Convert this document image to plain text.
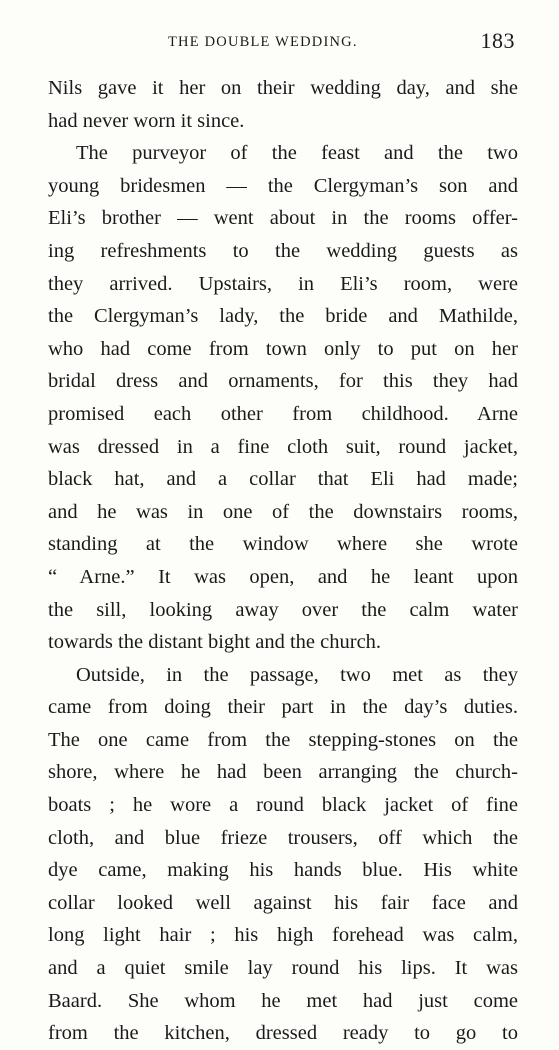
THE DOUBLE WEDDING.	183
Nils gave it her on their wedding day, and she
had never worn it since.
The purveyor of the feast and the two
young bridesmen — the Clergyman’s son and
Eli’s brother — went about in the rooms offer-
ing refreshments to the wedding guests as
they arrived. Upstairs, in Eli’s room, were
the Clergyman’s lady, the bride and Mathilde,
who had come from town only to put on her
bridal dress and ornaments, for this they had
promised each other from childhood. Arne
was dressed in a fine cloth suit, round jacket,
black hat, and a collar that Eli had made;
and he was in one of the downstairs rooms,
standing at the window where she wrote
“ Arne.” It was open, and he leant upon
the sill, looking away over the calm water
towards the distant bight and the church.
Outside, in the passage, two met as they
came from doing their part in the day’s duties.
The one came from the stepping-stones on the
shore, where he had been arranging the church-
boats ; he wore a round black jacket of fine
cloth, and blue frieze trousers, off which the
dye came, making his hands blue. His white
collar looked well against his fair face and
long light hair ; his high forehead was calm,
and a quiet smile lay round his lips. It was
Baard. She whom he met had just come
from the kitchen, dressed ready to go to
